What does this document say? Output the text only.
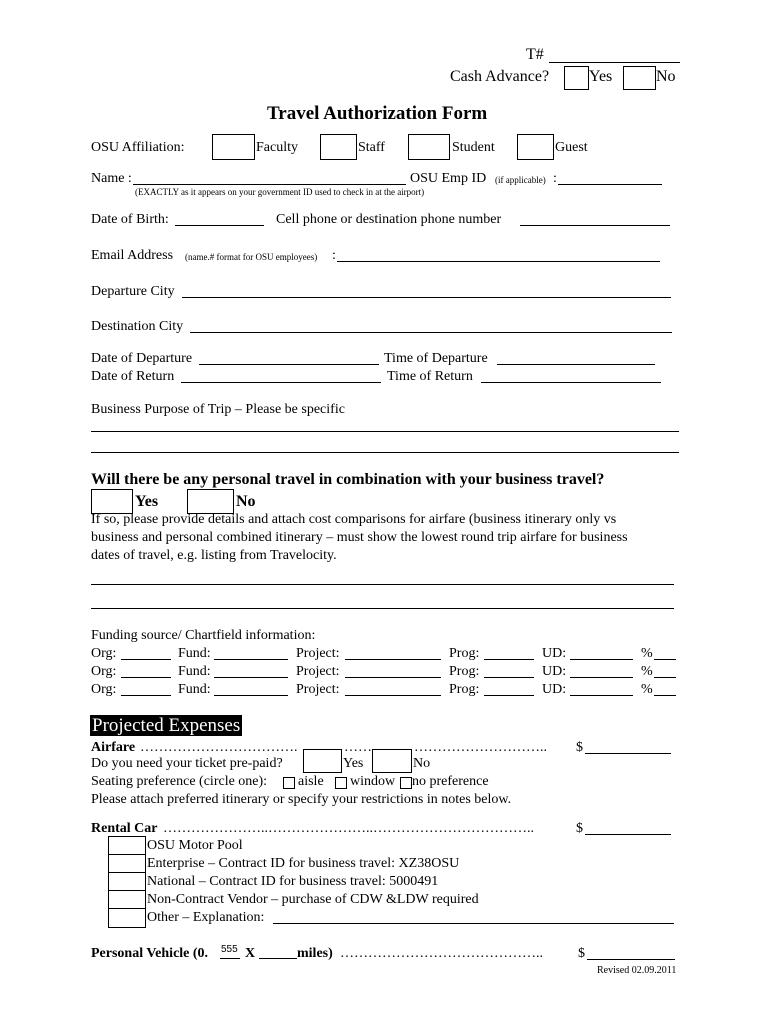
T#
Cash Advance? Yes	No
Travel Authorization Form
OSU Affiliation:	Faculty	Staff	Student	Guest
Name :	OSU Emp ID (if applicable) :
(EXACTLY as it appears on your government ID used to check in at the airport)
Date of Birth:	Cell phone or destination phone number
Email Address (name.# format for OSU employees) :
Departure City
Destination City
Date of Departure	Time of Departure
Date of Return	Time of Return
Business Purpose of Trip – Please be specific
Will there be any personal travel in combination with your business travel?
Yes	No
If so, please provide details and attach cost comparisons for airfare (business itinerary only vs
business and personal combined itinerary – must show the lowest round trip airfare for business
dates of travel, e.g. listing from Travelocity.
Funding source/ Chartfield information:
Org:	Fund:	Project:	Prog:	UD:	%
Org:	Fund:	Project:	Prog:	UD:	%
Org:	Fund:	Project:	Prog:	UD:	%
Projected Expenses
Airfare …………………………….	……	……………………….. $
Do you need your ticket pre-paid?	Yes	No
Seating preference (circle one): aisle window no preference
Please attach preferred itinerary or specify your restrictions in notes below.
Rental Car …………………..…………………..……………………………..	$
OSU Motor Pool
Enterprise – Contract ID for business travel: XZ38OSU
National – Contract ID for business travel: 5000491
Non-Contract Vendor – purchase of CDW &LDW required
Other – Explanation:
Personal Vehicle (0. 555 X	miles) ……………………………………..	$
Revised 02.09.2011
